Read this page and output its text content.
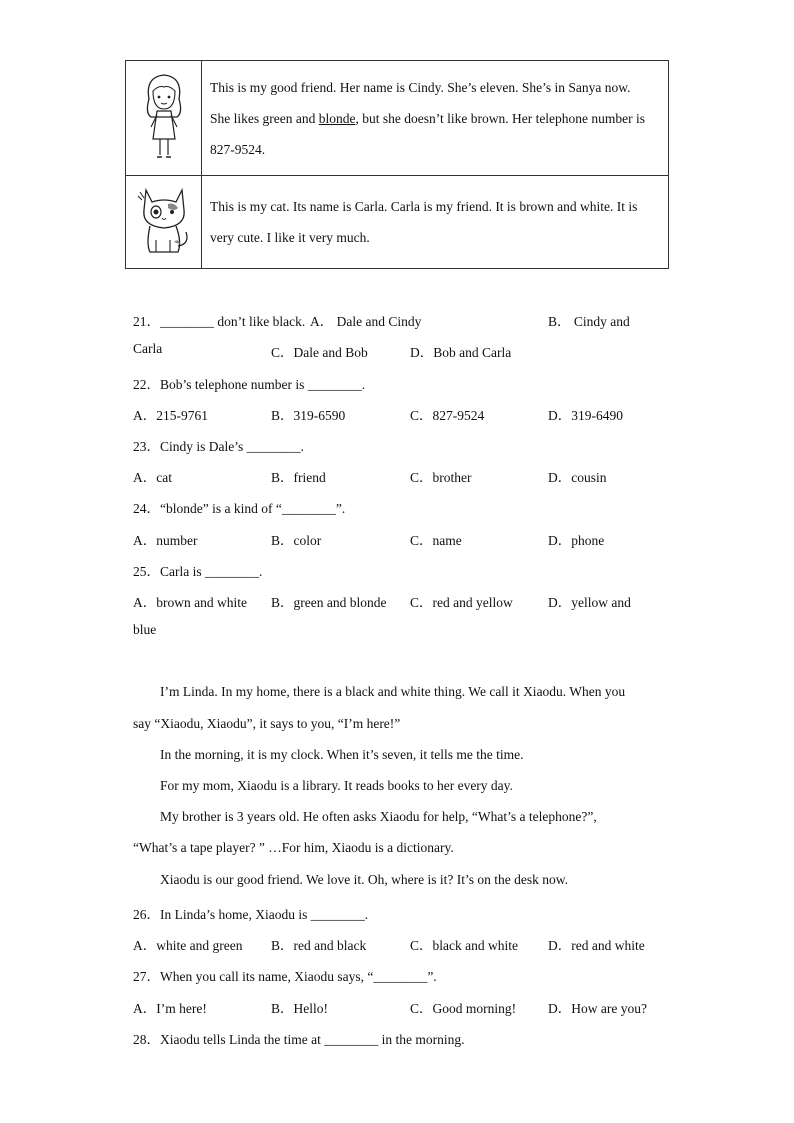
This is my good friend. Her name is Cindy. She’s eleven. She’s in Sanya now.
She likes green and blonde, but she doesn’t like brown. Her telephone number is
827-9524.

This is my cat. Its name is Carla. Carla is my friend. It is brown and white. It is
very cute. I like it very much.
21．________ don’t like black. A． Dale and Cindy	B． Cindy and
Carla	C．Dale and Bob	D．Bob and Carla
22．Bob’s telephone number is ________.
A．215-9761	B．319-6590	C．827-9524	D．319-6490
23．Cindy is Dale’s ________.
A．cat	B．friend	C．brother	D．cousin
24．“blonde” is a kind of “________”.
A．number	B．color	C．name	D．phone
25．Carla is ________.
A．brown and white B．green and blonde C．red and yellow	D．yellow and
blue
I’m Linda. In my home, there is a black and white thing. We call it Xiaodu. When you
say “Xiaodu, Xiaodu”, it says to you, “I’m here!”
In the morning, it is my clock. When it’s seven, it tells me the time.
For my mom, Xiaodu is a library. It reads books to her every day.
My brother is 3 years old. He often asks Xiaodu for help, “What’s a telephone?”,
“What’s a tape player? ” …For him, Xiaodu is a dictionary.
Xiaodu is our good friend. We love it. Oh, where is it? It’s on the desk now.
26．In Linda’s home, Xiaodu is ________.
A．white and green B．red and black	C．black and white D．red and white
27．When you call its name, Xiaodu says, “________”.
A．I’m here!	B．Hello!	C．Good morning! D．How are you?
28．Xiaodu tells Linda the time at ________ in the morning.
